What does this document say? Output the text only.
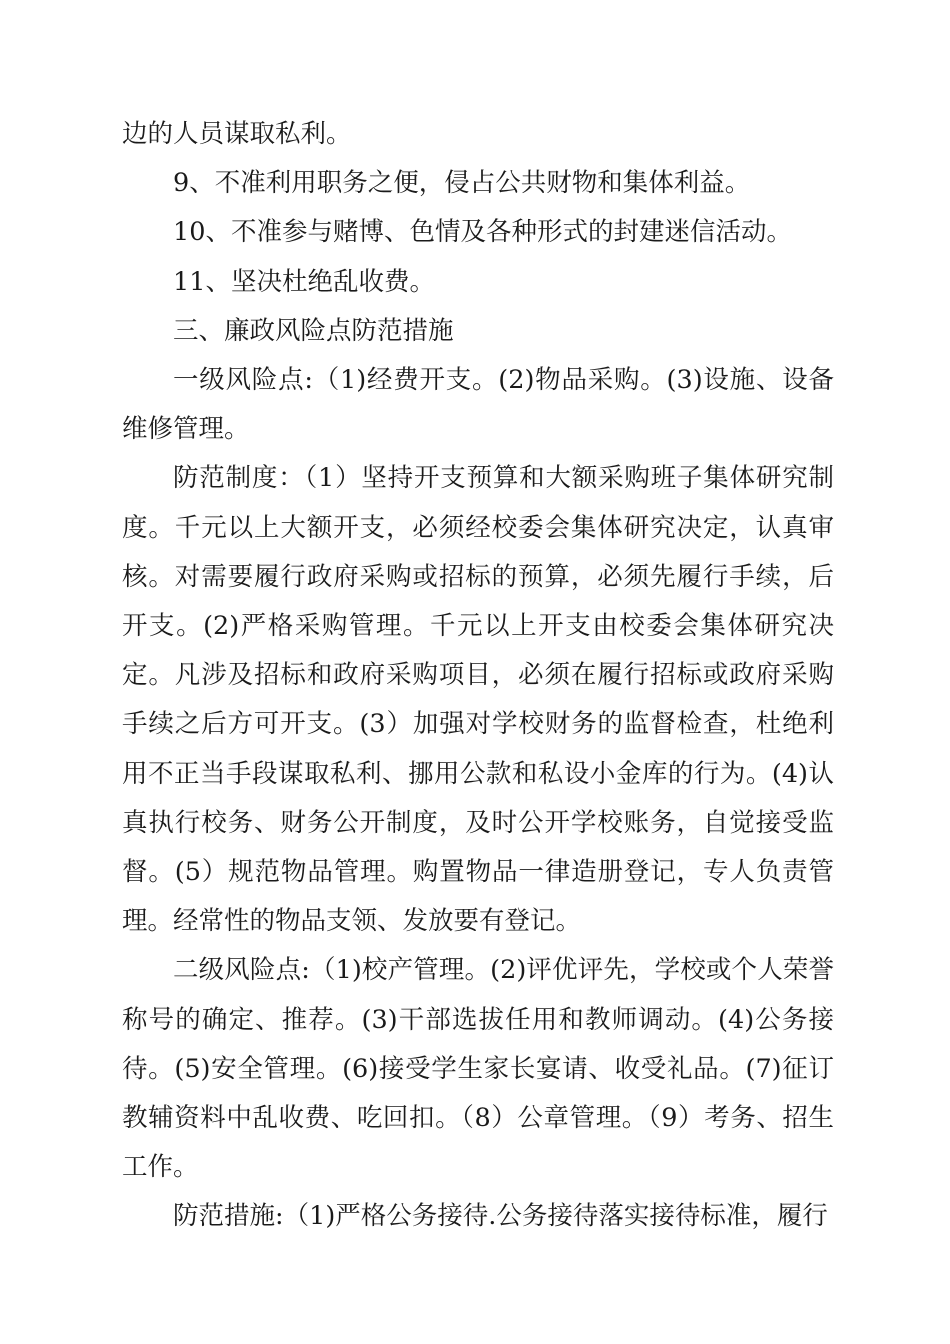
边的人员谋取私利。

9、不准利用职务之便，侵占公共财物和集体利益。

10、不准参与赌博、色情及各种形式的封建迷信活动。

11、坚决杜绝乱收费。

三、廉政风险点防范措施

一级风险点:（1)经费开支。(2)物品采购。(3)设施、设备维修管理。

防范制度：（1）坚持开支预算和大额采购班子集体研究制度。千元以上大额开支，必须经校委会集体研究决定，认真审核。对需要履行政府采购或招标的预算，必须先履行手续，后开支。(2)严格采购管理。千元以上开支由校委会集体研究决定。凡涉及招标和政府采购项目，必须在履行招标或政府采购手续之后方可开支。(3）加强对学校财务的监督检查，杜绝利用不正当手段谋取私利、挪用公款和私设小金库的行为。(4)认真执行校务、财务公开制度，及时公开学校账务，自觉接受监督。(5）规范物品管理。购置物品一律造册登记，专人负责管理。经常性的物品支领、发放要有登记。

二级风险点:（1)校产管理。(2)评优评先，学校或个人荣誉称号的确定、推荐。(3)干部选拔任用和教师调动。(4)公务接待。(5)安全管理。(6)接受学生家长宴请、收受礼品。(7)征订教辅资料中乱收费、吃回扣。（8）公章管理。（9）考务、招生工作。

防范措施:（1)严格公务接待.公务接待落实接待标准，履行
